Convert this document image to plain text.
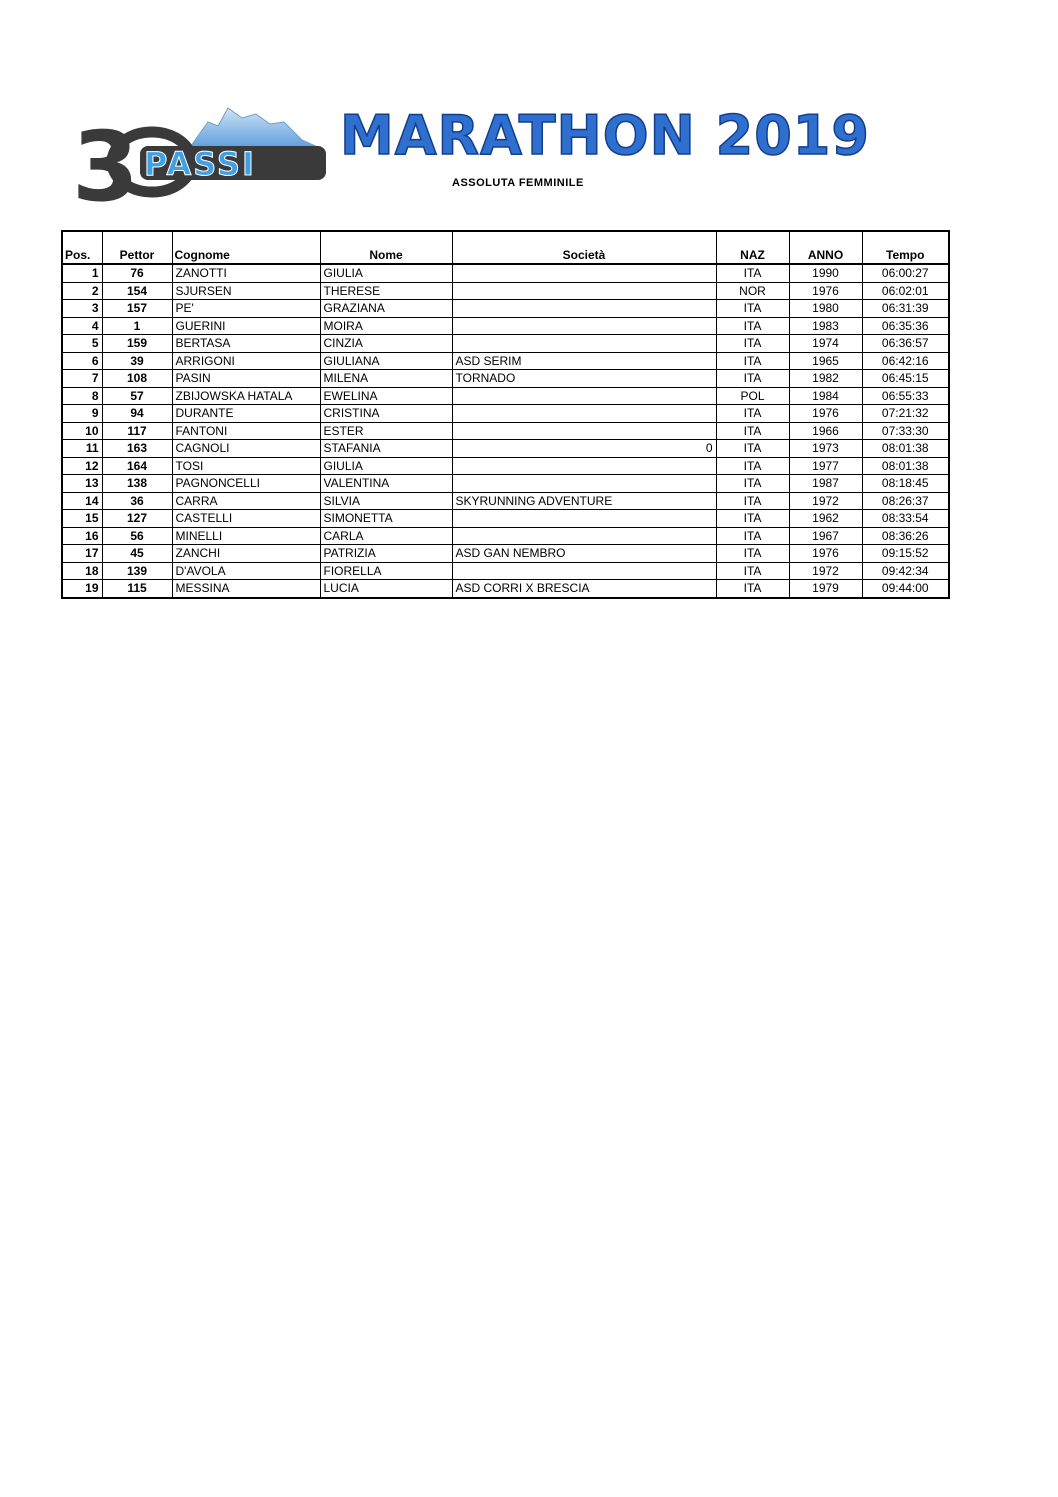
3 PASSI MARATHON 2019
ASSOLUTA FEMMINILE
Pos.	Pettor	Cognome	Nome	Società	NAZ	ANNO	Tempo
1	76	ZANOTTI	GIULIA		ITA	1990	06:00:27
2	154	SJURSEN	THERESE		NOR	1976	06:02:01
3	157	PE'	GRAZIANA		ITA	1980	06:31:39
4	1	GUERINI	MOIRA		ITA	1983	06:35:36
5	159	BERTASA	CINZIA		ITA	1974	06:36:57
6	39	ARRIGONI	GIULIANA	ASD SERIM	ITA	1965	06:42:16
7	108	PASIN	MILENA	TORNADO	ITA	1982	06:45:15
8	57	ZBIJOWSKA HATALA	EWELINA		POL	1984	06:55:33
9	94	DURANTE	CRISTINA		ITA	1976	07:21:32
10	117	FANTONI	ESTER		ITA	1966	07:33:30
11	163	CAGNOLI	STAFANIA	0	ITA	1973	08:01:38
12	164	TOSI	GIULIA		ITA	1977	08:01:38
13	138	PAGNONCELLI	VALENTINA		ITA	1987	08:18:45
14	36	CARRA	SILVIA	SKYRUNNING ADVENTURE	ITA	1972	08:26:37
15	127	CASTELLI	SIMONETTA		ITA	1962	08:33:54
16	56	MINELLI	CARLA		ITA	1967	08:36:26
17	45	ZANCHI	PATRIZIA	ASD GAN NEMBRO	ITA	1976	09:15:52
18	139	D'AVOLA	FIORELLA		ITA	1972	09:42:34
19	115	MESSINA	LUCIA	ASD CORRI X BRESCIA	ITA	1979	09:44:00
